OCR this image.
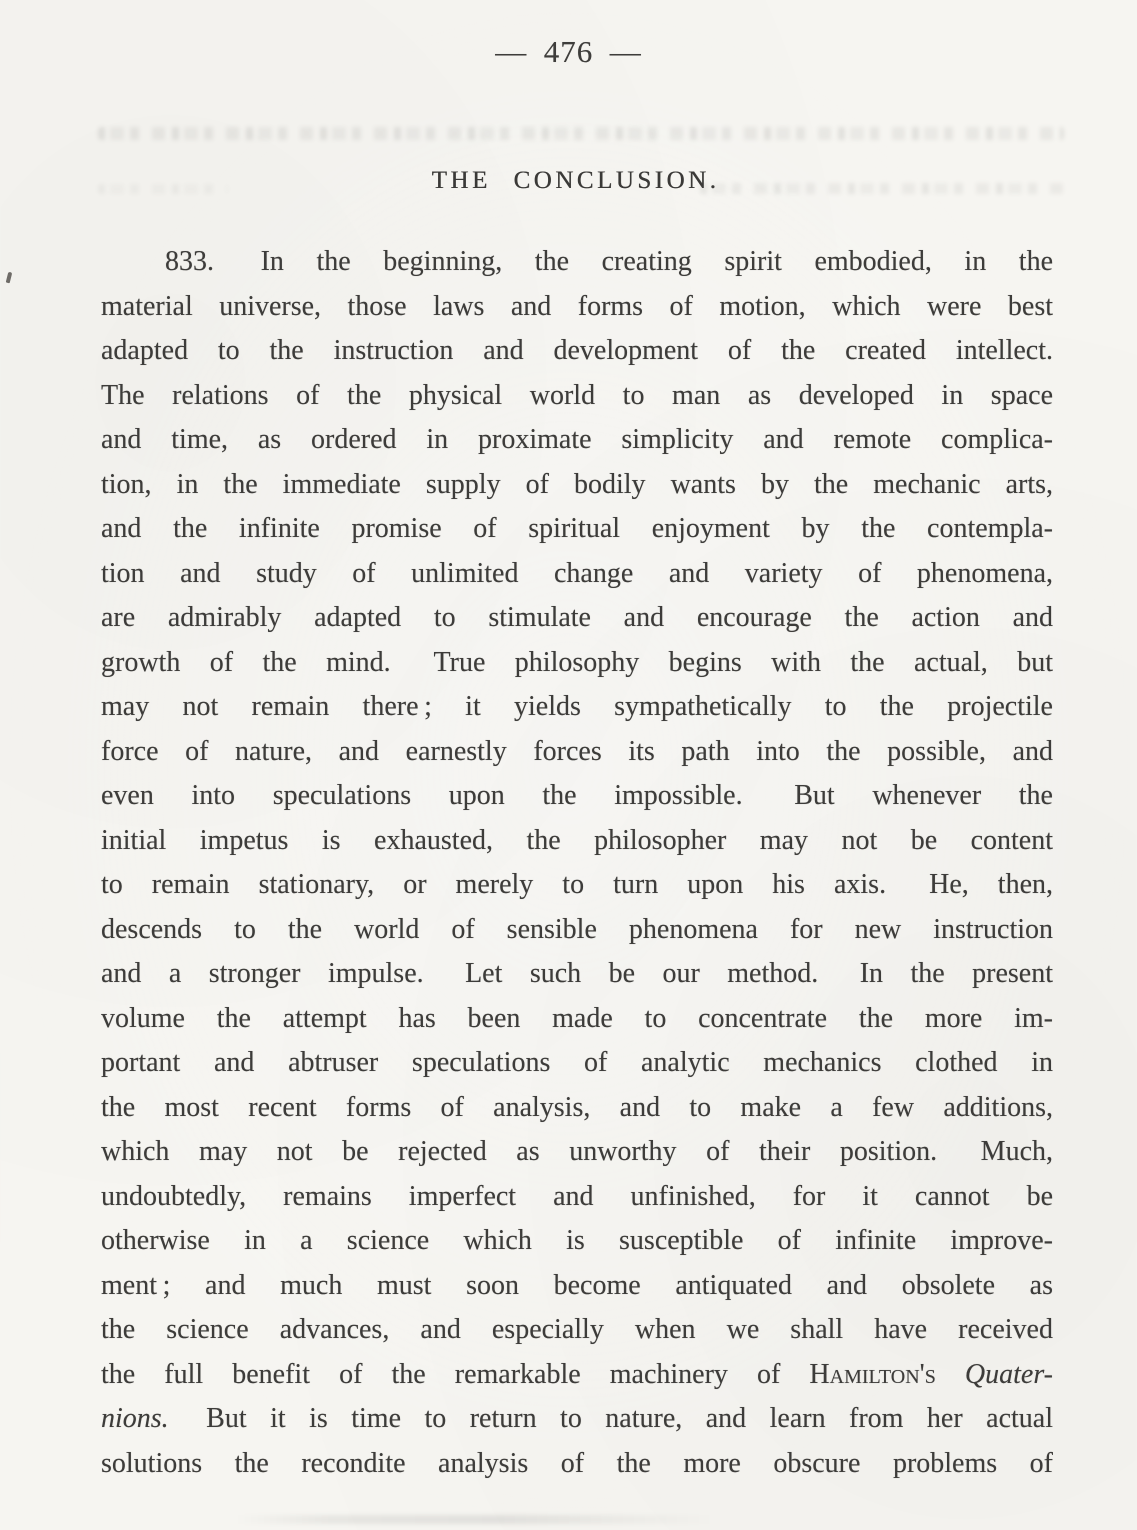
— 476 —
THE CONCLUSION.
833.  In the beginning, the creating spirit embodied, in the
material universe, those laws and forms of motion, which were best
adapted to the instruction and development of the created intellect.
The relations of the physical world to man as developed in space
and time, as ordered in proximate simplicity and remote complica-
tion, in the immediate supply of bodily wants by the mechanic arts,
and the infinite promise of spiritual enjoyment by the contempla-
tion and study of unlimited change and variety of phenomena,
are admirably adapted to stimulate and encourage the action and
growth of the mind.  True philosophy begins with the actual, but
may not remain there ; it yields sympathetically to the projectile
force of nature, and earnestly forces its path into the possible, and
even into speculations upon the impossible.  But whenever the
initial impetus is exhausted, the philosopher may not be content
to remain stationary, or merely to turn upon his axis.  He, then,
descends to the world of sensible phenomena for new instruction
and a stronger impulse.  Let such be our method.  In the present
volume the attempt has been made to concentrate the more im-
portant and abtruser speculations of analytic mechanics clothed in
the most recent forms of analysis, and to make a few additions,
which may not be rejected as unworthy of their position.  Much,
undoubtedly, remains imperfect and unfinished, for it cannot be
otherwise in a science which is susceptible of infinite improve-
ment ; and much must soon become antiquated and obsolete as
the science advances, and especially when we shall have received
the full benefit of the remarkable machinery of Hamilton's Quater-
nions.  But it is time to return to nature, and learn from her actual
solutions the recondite analysis of the more obscure problems of
